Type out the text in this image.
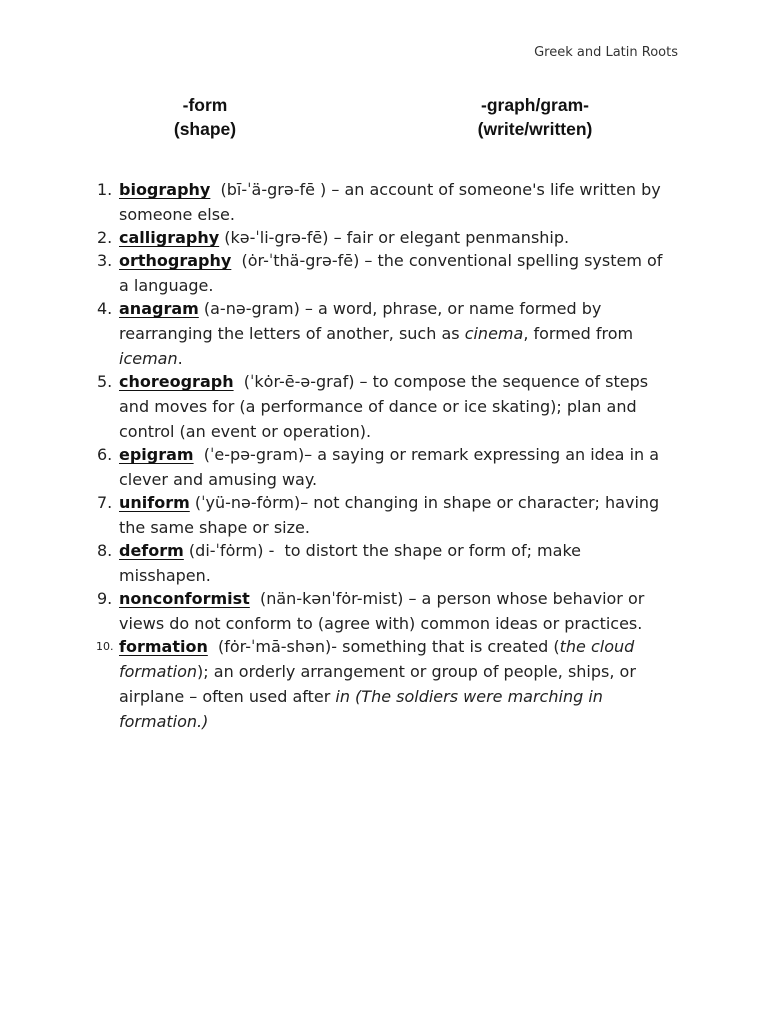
Greek and Latin Roots
-form
(shape)
-graph/gram-
(write/written)
1. biography  (bī-ˈä-grə-fē ) – an account of someone's life written by someone else.
2. calligraphy (kə-ˈli-grə-fē) – fair or elegant penmanship.
3. orthography  (ȯr-ˈthä-grə-fē) – the conventional spelling system of a language.
4. anagram (a-nə-gram) – a word, phrase, or name formed by rearranging the letters of another, such as cinema, formed from iceman.
5. choreograph  (ˈkȯr-ē-ə-graf) – to compose the sequence of steps and moves for (a performance of dance or ice skating); plan and control (an event or operation).
6. epigram  (ˈe-pə-gram)– a saying or remark expressing an idea in a clever and amusing way.
7. uniform (ˈyü-nə-fȯrm)– not changing in shape or character; having the same shape or size.
8. deform (di-ˈfȯrm) -  to distort the shape or form of; make misshapen.
9. nonconformist  (nän-kənˈfȯr-mist) – a person whose behavior or views do not conform to (agree with) common ideas or practices.
10. formation  (fȯr-ˈmā-shən)- something that is created (the cloud formation); an orderly arrangement or group of people, ships, or airplane – often used after in (The soldiers were marching in formation.)
